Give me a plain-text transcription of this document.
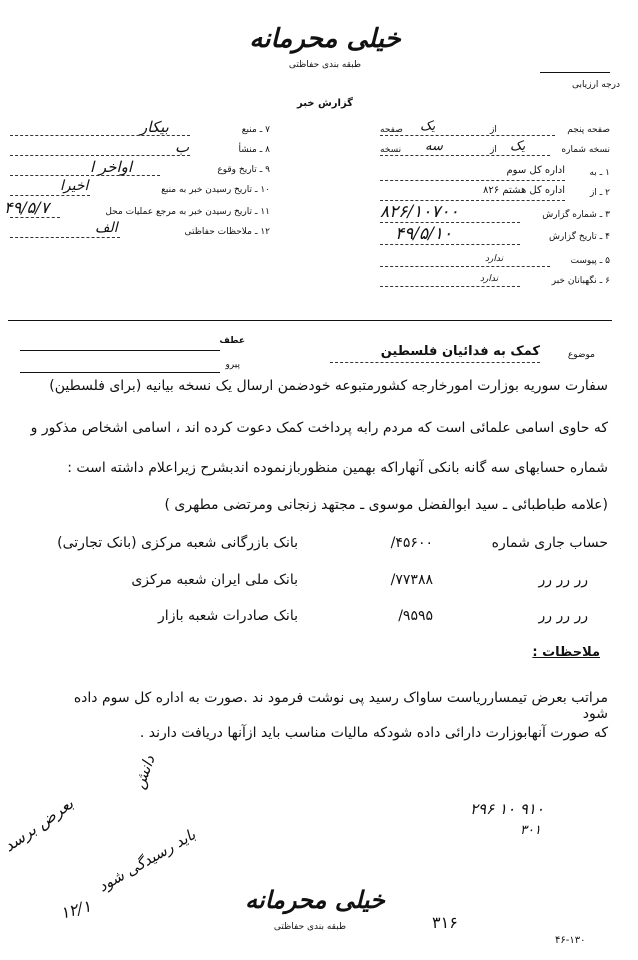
خیلی محرمانه
طبقه بندی حفاظتی
گزارش خبر
درجه ارزیابی
۷ ـ منبع
بیکار
۸ ـ منشأ
ب
۹ ـ تاریخ وقوع
اواخر ا
۱۰ ـ تاریخ رسیدن خبر به منبع
اخیرا
۱۱ ـ تاریخ رسیدن خبر به مرجع عملیات محل
۴۹/۵/۷
۱۲ ـ ملاحظات حفاظتی
الف
صفحه پنجم
از
یک
صفحه
نسخه شماره
یک
از
سه
نسخه
۱ ـ به
اداره کل سوم
۲ ـ از
اداره کل هشتم ۸۲۶
۳ ـ شماره گزارش
۸۲۶/۱۰۷۰۰
۴ ـ تاریخ گزارش
۴۹/۵/۱۰
۵ ـ پیوست
ندارد
۶ ـ نگهبانان خبر
ندارد
عطف
پیرو
موضوع
کمک به فدائیان فلسطین
سفارت سوریه بوزارت امورخارجه کشورمتبوعه خودضمن ارسال یک نسخه بیانیه (برای فلسطین)
که حاوی اسامی علمائی است که مردم رابه پرداخت کمک دعوت کرده اند ، اسامی اشخاص مذکور و
شماره حسابهای سه گانه بانکی آنهاراکه بهمین منظوربازنموده اندبشرح زیراعلام داشته است :
(علامه طباطبائی ـ سید ابوالفضل موسوی ـ مجتهد زنجانی ومرتضی مطهری )
حساب جاری شماره
۴۵۶۰۰/
بانک بازرگانی شعبه مرکزی (بانک تجارتی)
رر رر رر
۷۷۳۸۸/
بانک ملی ایران شعبه مرکزی
رر رر رر
۹۵۹۵/
بانک صادرات شعبه بازار
ملاحظات :
مراتب بعرض تیمساررياست ساواک رسید پی نوشت فرمود ند .صورت به اداره کل سوم داده شود
که صورت آنهابوزارت دارائی داده شودکه مالیات مناسب باید ازآنها دریافت دارند .
دانش
بعرض برسد
باید رسیدگی شود
۱۲/۱
۲۹۶ ۱۰ ۹۱۰
۳۰۱
خیلی محرمانه
طبقه بندی حفاظتی	۳۱۶
۴۶-۱۳۰
